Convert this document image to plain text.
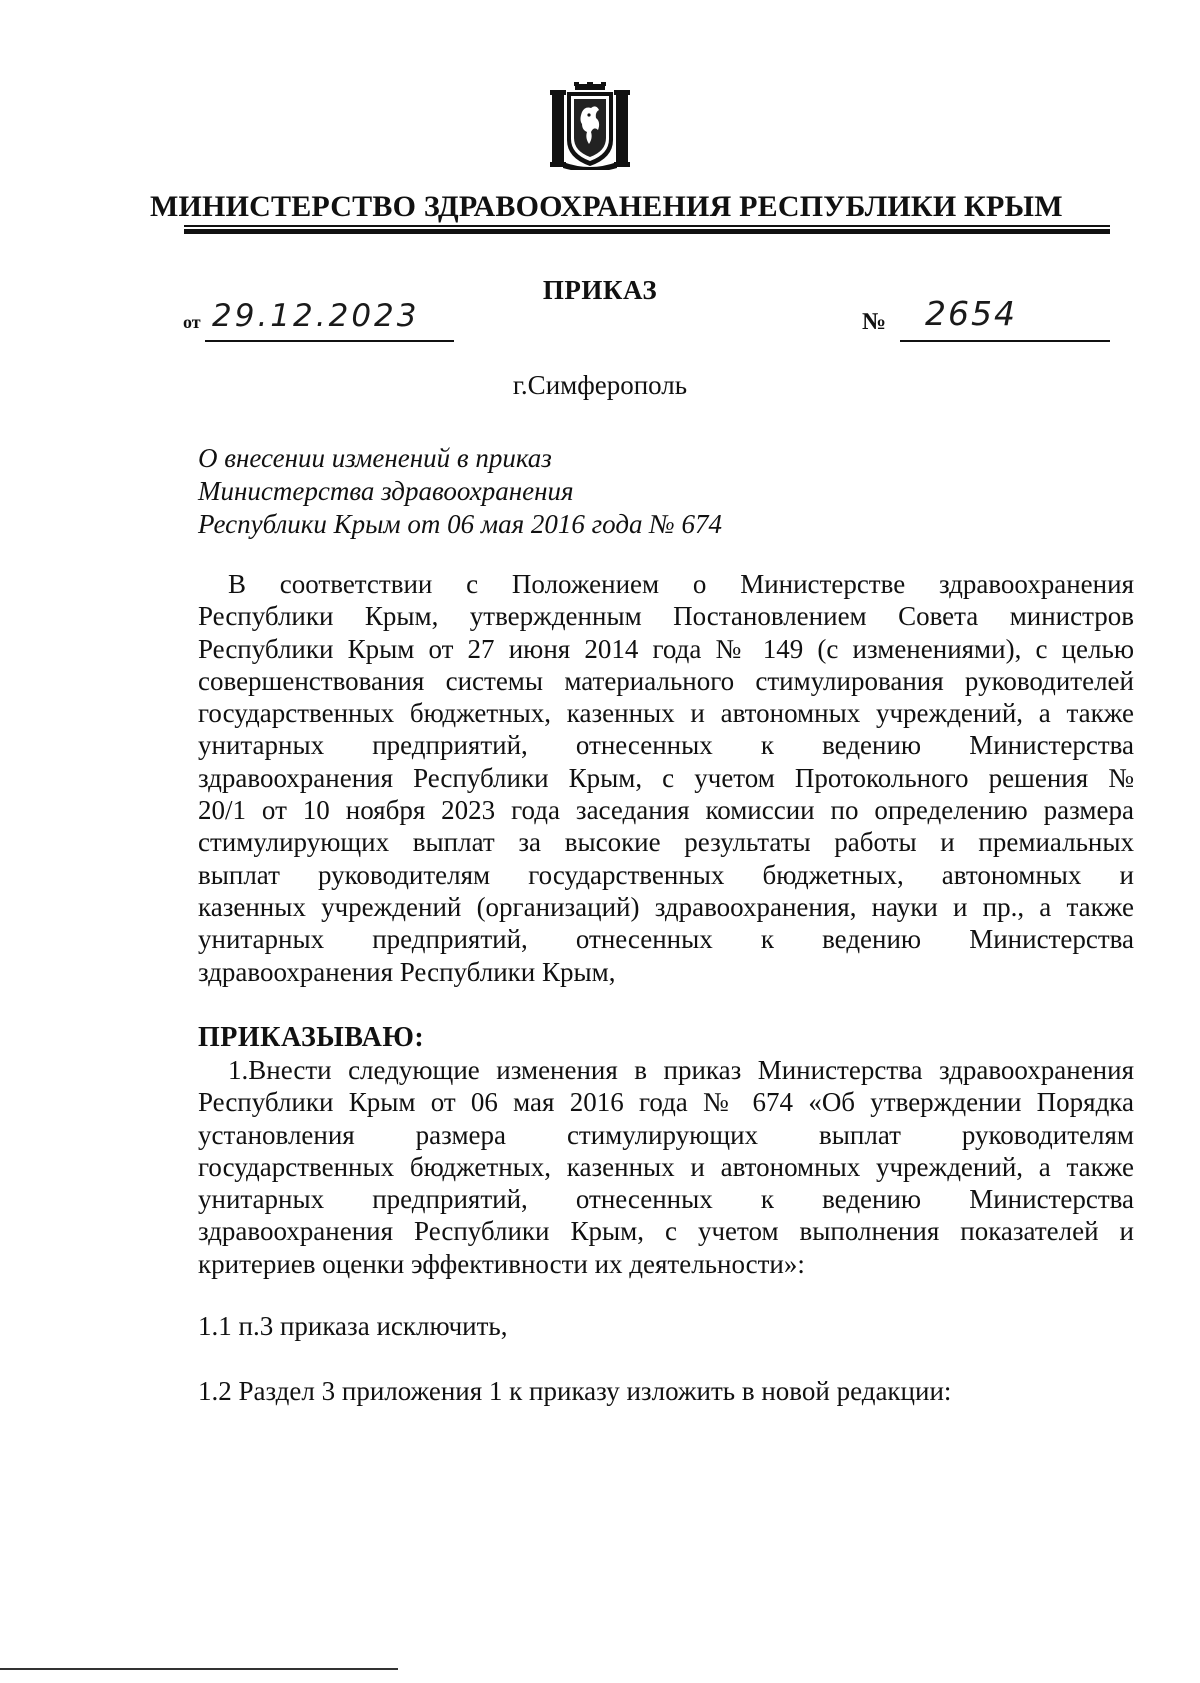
МИНИСТЕРСТВО ЗДРАВООХРАНЕНИЯ РЕСПУБЛИКИ КРЫМ
ПРИКАЗ
от 29.12.2023	№ 2654
г.Симферополь
О внесении изменений в приказ
Министерства здравоохранения
Республики Крым от 06 мая 2016 года № 674
В соответствии с Положением о Министерстве здравоохранения
Республики Крым, утвержденным Постановлением Совета министров
Республики Крым от 27 июня 2014 года № 149 (с изменениями), с целью
совершенствования системы материального стимулирования руководителей
государственных бюджетных, казенных и автономных учреждений, а также
унитарных предприятий, отнесенных к ведению Министерства
здравоохранения Республики Крым, с учетом Протокольного решения №
20/1 от 10 ноября 2023 года заседания комиссии по определению размера
стимулирующих выплат за высокие результаты работы и премиальных
выплат руководителям государственных бюджетных, автономных и
казенных учреждений (организаций) здравоохранения, науки и пр., а также
унитарных предприятий, отнесенных к ведению Министерства
здравоохранения Республики Крым,
ПРИКАЗЫВАЮ:
1.Внести следующие изменения в приказ Министерства здравоохранения
Республики Крым от 06 мая 2016 года № 674 «Об утверждении Порядка
установления размера стимулирующих выплат руководителям
государственных бюджетных, казенных и автономных учреждений, а также
унитарных предприятий, отнесенных к ведению Министерства
здравоохранения Республики Крым, с учетом выполнения показателей и
критериев оценки эффективности их деятельности»:
1.1 п.3 приказа исключить,
1.2 Раздел 3 приложения 1 к приказу изложить в новой редакции:
